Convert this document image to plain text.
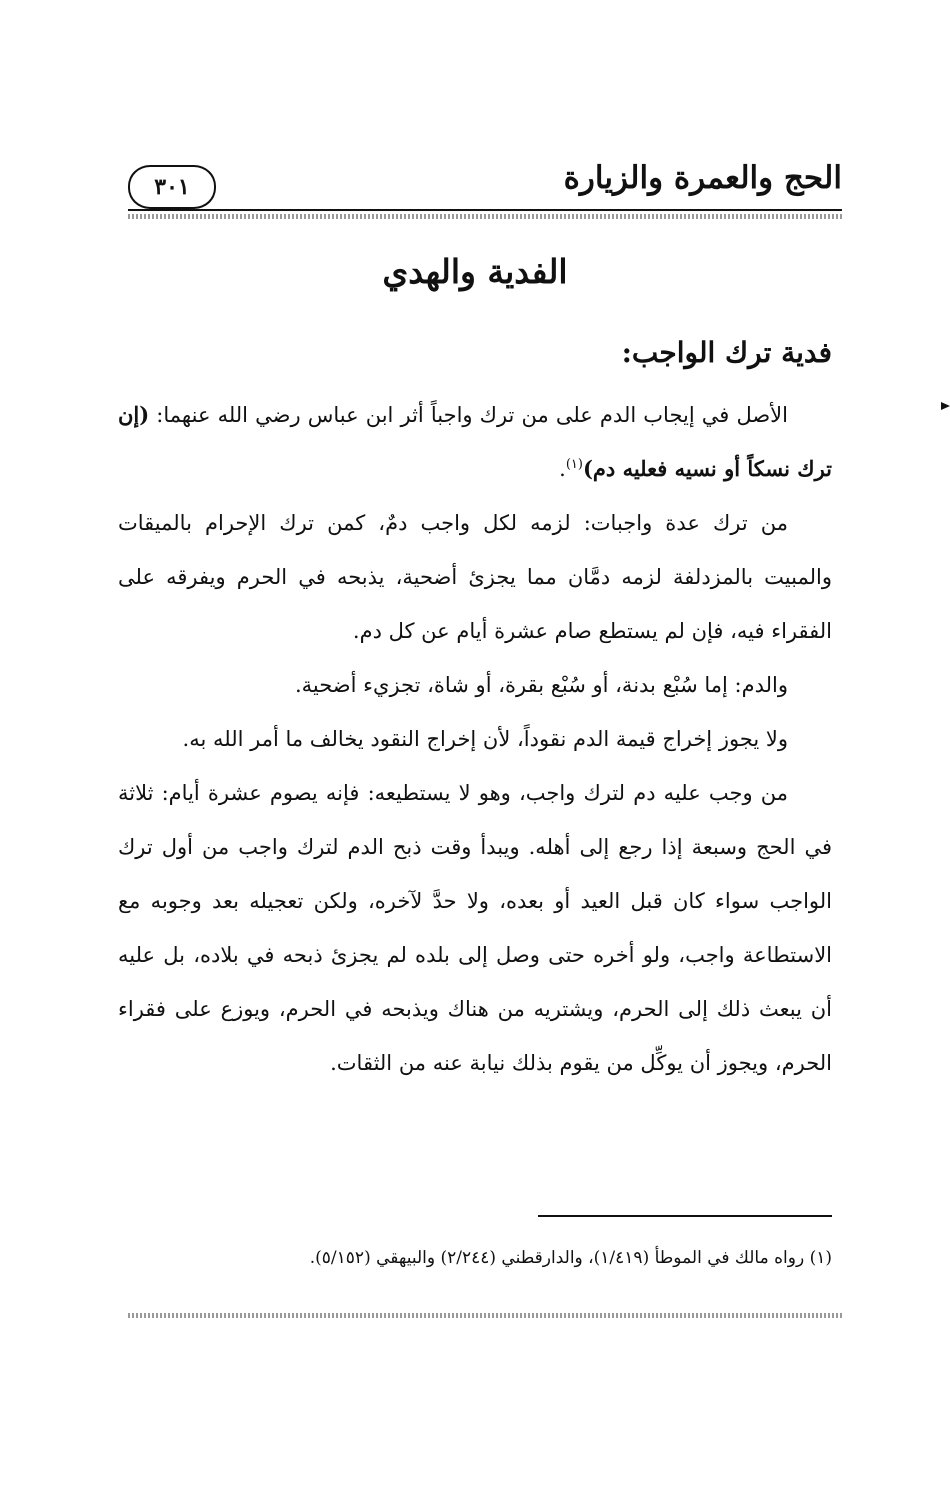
الحج والعمرة والزيارة
٣٠١
الفدية والهدي
فدية ترك الواجب:

الأصل في إيجاب الدم على من ترك واجباً أثر ابن عباس رضي الله عنهما: (إن ترك نسكاً أو نسيه فعليه دم)$^{(١)}$.

من ترك عدة واجبات: لزمه لكل واجب دمٌ، كمن ترك الإحرام بالميقات والمبيت بالمزدلفة لزمه دمَّان مما يجزئ أضحية، يذبحه في الحرم ويفرقه على الفقراء فيه، فإن لم يستطع صام عشرة أيام عن كل دم.

والدم: إما سُبْع بدنة، أو سُبْع بقرة، أو شاة، تجزيء أضحية.

ولا يجوز إخراج قيمة الدم نقوداً، لأن إخراج النقود يخالف ما أمر الله به.

من وجب عليه دم لترك واجب، وهو لا يستطيعه: فإنه يصوم عشرة أيام: ثلاثة في الحج وسبعة إذا رجع إلى أهله. ويبدأ وقت ذبح الدم لترك واجب من أول ترك الواجب سواء كان قبل العيد أو بعده، ولا حدَّ لآخره، ولكن تعجيله بعد وجوبه مع الاستطاعة واجب، ولو أخره حتى وصل إلى بلده لم يجزئ ذبحه في بلاده، بل عليه أن يبعث ذلك إلى الحرم، ويشتريه من هناك ويذبحه في الحرم، ويوزع على فقراء الحرم، ويجوز أن يوكِّل من يقوم بذلك نيابة عنه من الثقات.

(١) رواه مالك في الموطأ (١/٤١٩)، والدارقطني (٢/٢٤٤) والبيهقي (٥/١٥٢).
